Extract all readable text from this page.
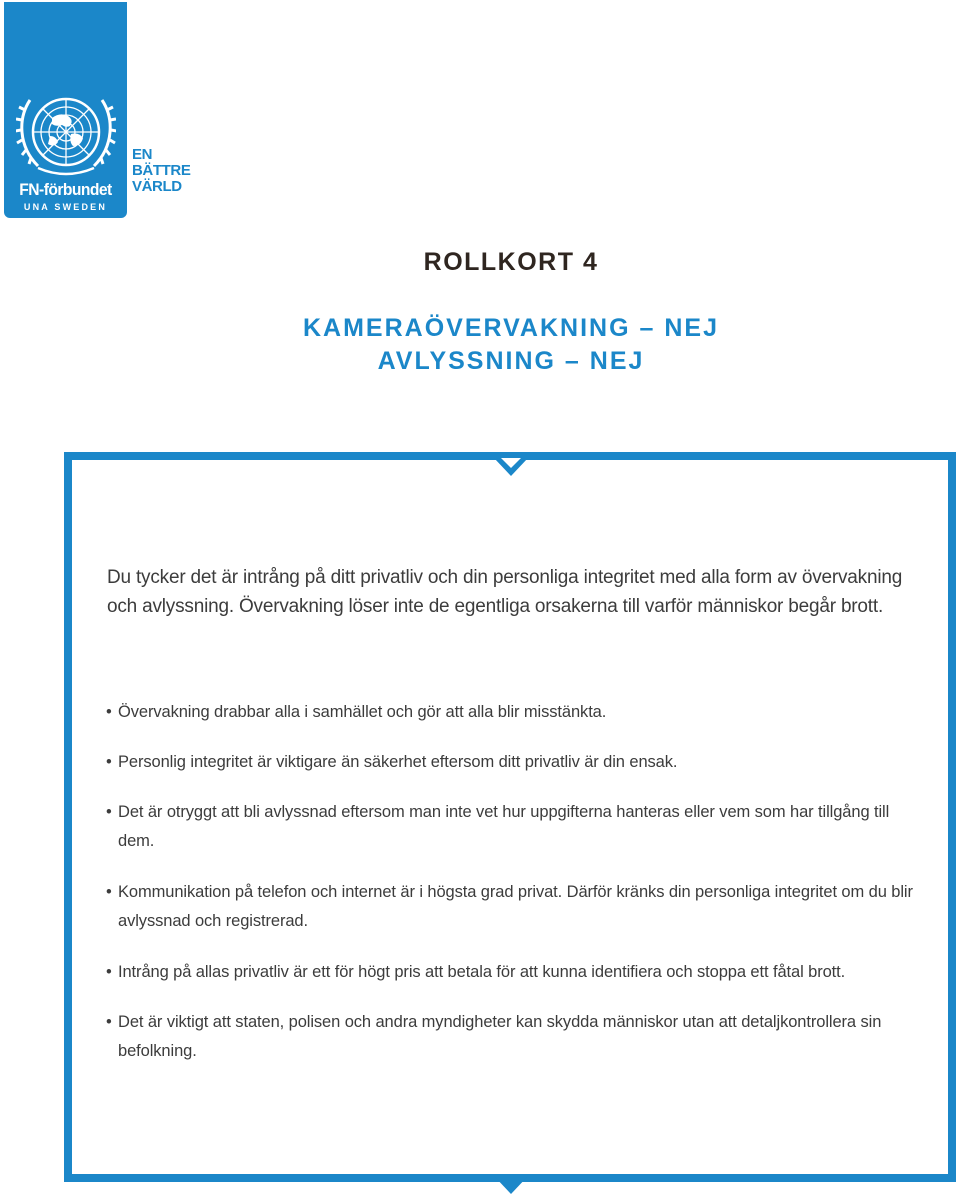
FN-förbundet
UNA SWEDEN
EN
BÄTTRE
VÄRLD
ROLLKORT 4
KAMERAÖVERVAKNING – NEJ
AVLYSSNING – NEJ

Du tycker det är intrång på ditt privatliv och din personliga integritet med alla form av övervakning och avlyssning. Övervakning löser inte de egentliga orsakerna till varför människor begår brott.

• Övervakning drabbar alla i samhället och gör att alla blir misstänkta.
• Personlig integritet är viktigare än säkerhet eftersom ditt privatliv är din ensak.
• Det är otryggt att bli avlyssnad eftersom man inte vet hur uppgifterna hanteras eller vem som har tillgång till dem.
• Kommunikation på telefon och internet är i högsta grad privat. Därför kränks din personliga integritet om du blir avlyssnad och registrerad.
• Intrång på allas privatliv är ett för högt pris att betala för att kunna identifiera och stoppa ett fåtal brott.
• Det är viktigt att staten, polisen och andra myndigheter kan skydda människor utan att detaljkontrollera sin befolkning.
